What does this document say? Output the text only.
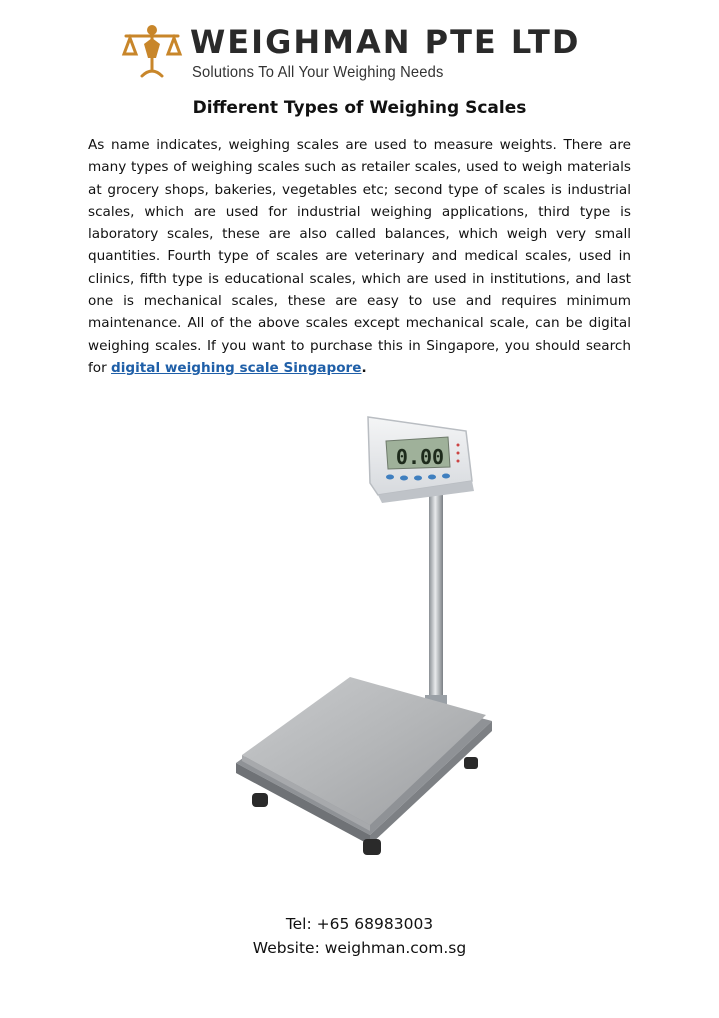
WEIGHMAN PTE LTD
Solutions To All Your Weighing Needs
Different Types of Weighing Scales
As name indicates, weighing scales are used to measure weights. There are many types of weighing scales such as retailer scales, used to weigh materials at grocery shops, bakeries, vegetables etc; second type of scales is industrial scales, which are used for industrial weighing applications, third type is laboratory scales, these are also called balances, which weigh very small quantities. Fourth type of scales are veterinary and medical scales, used in clinics, fifth type is educational scales, which are used in institutions, and last one is mechanical scales, these are easy to use and requires minimum maintenance. All of the above scales except mechanical scale, can be digital weighing scales. If you want to purchase this in Singapore, you should search for digital weighing scale Singapore.
0.00
Tel: +65 68983003
Website: weighman.com.sg
